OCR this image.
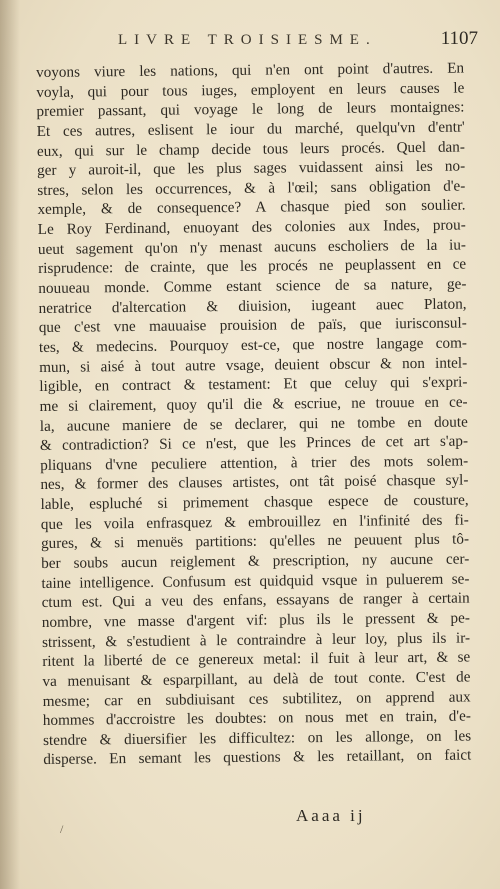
LIVRE TROISIESME.	1107
voyons viure les nations, qui n'en ont point d'autres. En
voyla, qui pour tous iuges, employent en leurs causes le
premier passant, qui voyage le long de leurs montaignes:
Et ces autres, eslisent le iour du marché, quelqu'vn d'entr'
eux, qui sur le champ decide tous leurs procés. Quel dan-
ger y auroit-il, que les plus sages vuidassent ainsi les no-
stres, selon les occurrences, & à l'œil; sans obligation d'e-
xemple, & de consequence? A chasque pied son soulier.
Le Roy Ferdinand, enuoyant des colonies aux Indes, prou-
ueut sagement qu'on n'y menast aucuns escholiers de la iu-
risprudence: de crainte, que les procés ne peuplassent en ce
nouueau monde. Comme estant science de sa nature, ge-
neratrice d'altercation & diuision, iugeant auec Platon,
que c'est vne mauuaise prouision de païs, que iurisconsul-
tes, & medecins. Pourquoy est-ce, que nostre langage com-
mun, si aisé à tout autre vsage, deuient obscur & non intel-
ligible, en contract & testament: Et que celuy qui s'expri-
me si clairement, quoy qu'il die & escriue, ne trouue en ce-
la, aucune maniere de se declarer, qui ne tombe en doute
& contradiction? Si ce n'est, que les Princes de cet art s'ap-
pliquans d'vne peculiere attention, à trier des mots solem-
nes, & former des clauses artistes, ont tât poisé chasque syl-
lable, espluché si primement chasque espece de cousture,
que les voila enfrasquez & embrouillez en l'infinité des fi-
gures, & si menuës partitions: qu'elles ne peuuent plus tô-
ber soubs aucun reiglement & prescription, ny aucune cer-
taine intelligence. Confusum est quidquid vsque in puluerem se-
ctum est. Qui a veu des enfans, essayans de ranger à certain
nombre, vne masse d'argent vif: plus ils le pressent & pe-
strissent, & s'estudient à le contraindre à leur loy, plus ils ir-
ritent la liberté de ce genereux metal: il fuit à leur art, & se
va menuisant & esparpillant, au delà de tout conte. C'est de
mesme; car en subdiuisant ces subtilitez, on apprend aux
hommes d'accroistre les doubtes: on nous met en train, d'e-
stendre & diuersifier les difficultez: on les allonge, on les
disperse. En semant les questions & les retaillant, on faict
/
Aaaa ij
